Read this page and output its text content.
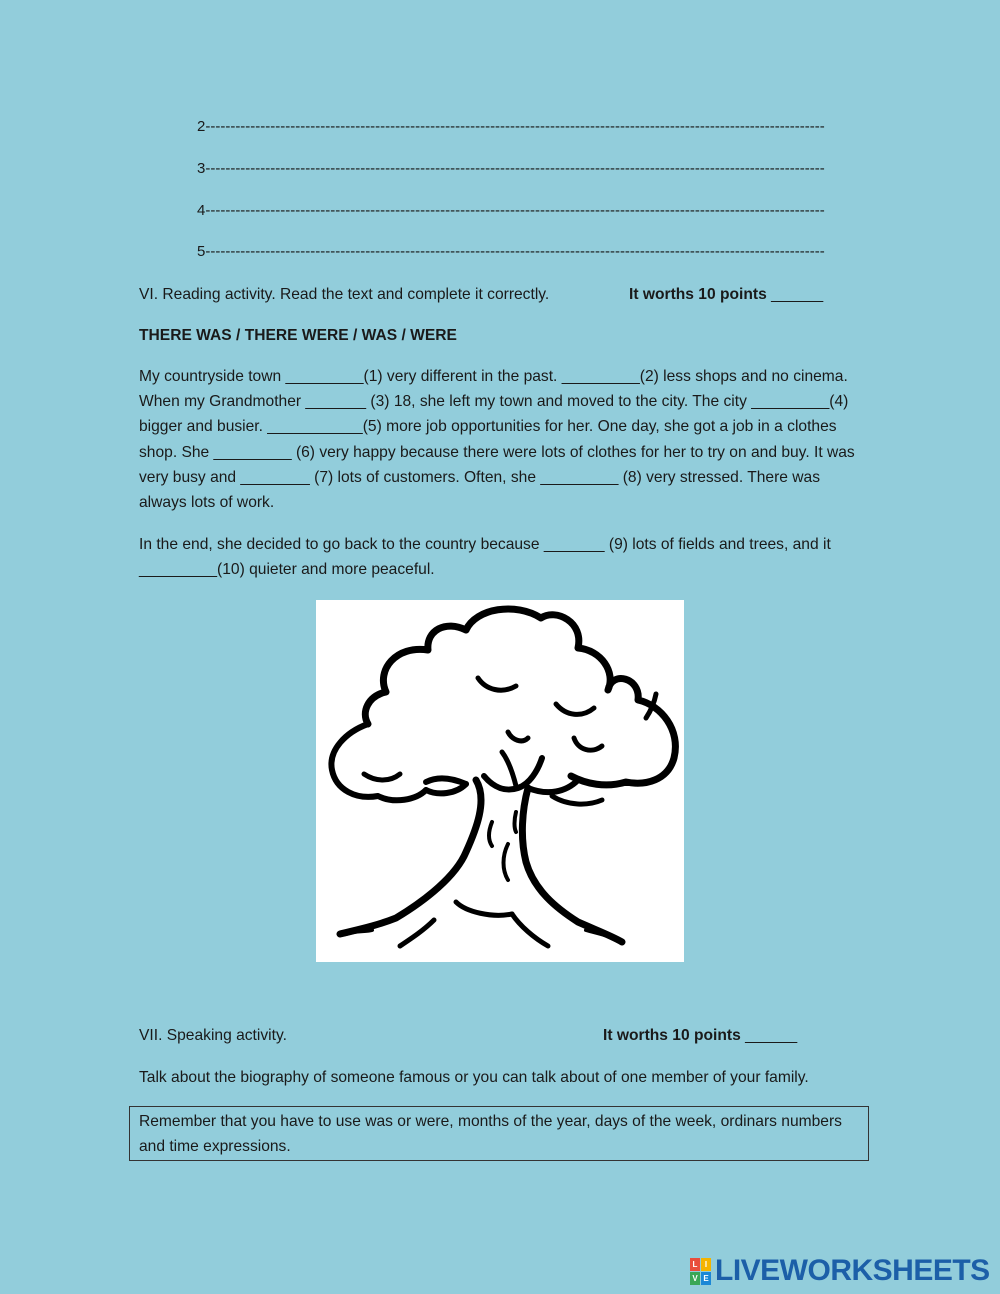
2----------------------------------------------------------------------------------------------------------------------------
3----------------------------------------------------------------------------------------------------------------------------
4----------------------------------------------------------------------------------------------------------------------------
5----------------------------------------------------------------------------------------------------------------------------
VI. Reading activity. Read the text and complete it correctly.	It worths 10 points ______
THERE WAS / THERE WERE / WAS / WERE
My countryside town _________(1) very different in the past. _________(2) less shops and no cinema. When my Grandmother _______ (3) 18, she left my town and moved to the city. The city _________(4) bigger and busier. ___________(5) more job opportunities for her. One day, she got a job in a clothes shop. She _________ (6) very happy because there were lots of clothes for her to try on and buy. It was very busy and ________ (7) lots of customers. Often, she _________ (8) very stressed. There was always lots of work.
In the end, she decided to go back to the country because _______ (9) lots of fields and trees, and it _________(10) quieter and more peaceful.
VII. Speaking activity.	It worths 10 points ______
Talk about the biography of someone famous or you can talk about of one member of your family.
Remember that you have to use was or were, months of the year, days of the week, ordinars numbers and time expressions.
L I
V E LIVEWORKSHEETS
